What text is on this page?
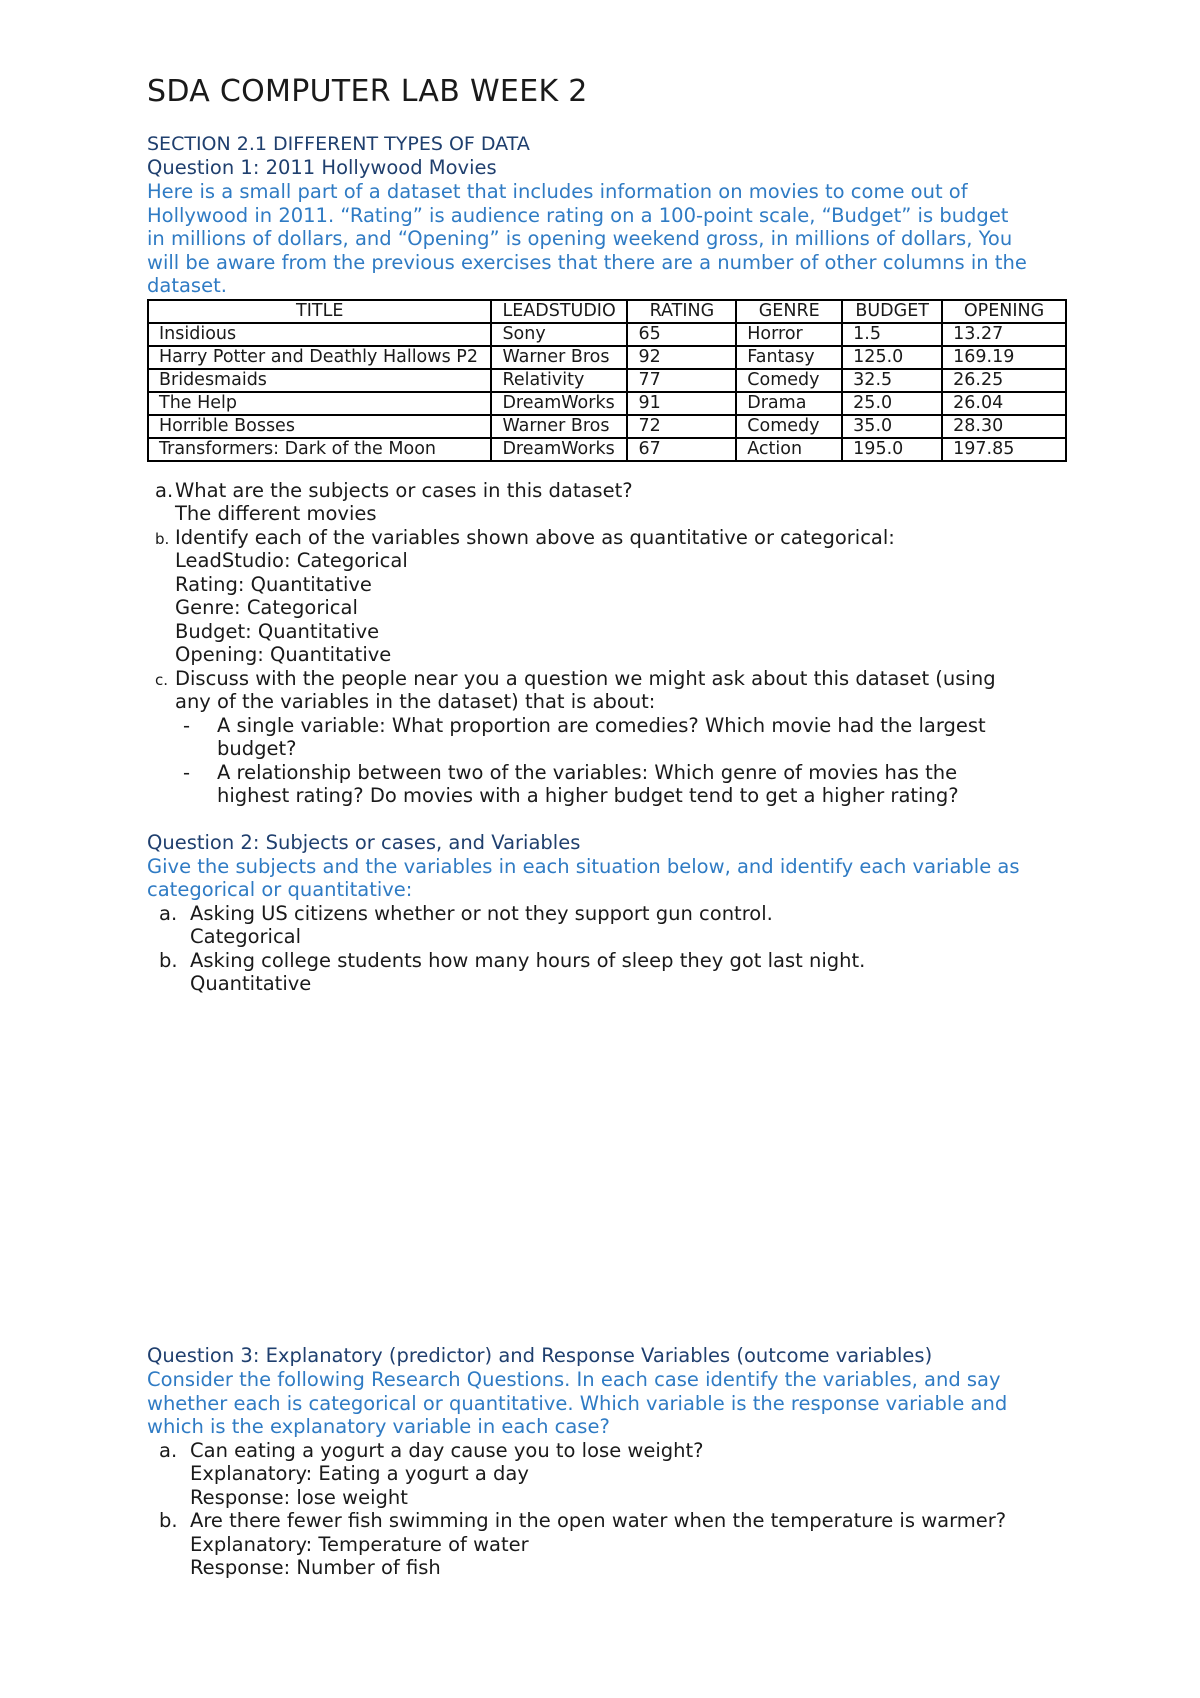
SDA COMPUTER LAB WEEK 2
SECTION 2.1 DIFFERENT TYPES OF DATA
Question 1: 2011 Hollywood Movies
Here is a small part of a dataset that includes information on movies to come out of
Hollywood in 2011. “Rating” is audience rating on a 100-point scale, “Budget” is budget
in millions of dollars, and “Opening” is opening weekend gross, in millions of dollars, You
will be aware from the previous exercises that there are a number of other columns in the
dataset.
TITLE	LEADSTUDIO	RATING	GENRE	BUDGET	OPENING
Insidious	Sony	65	Horror	1.5	13.27
Harry Potter and Deathly Hallows P2	Warner Bros	92	Fantasy	125.0	169.19
Bridesmaids	Relativity	77	Comedy	32.5	26.25
The Help	DreamWorks	91	Drama	25.0	26.04
Horrible Bosses	Warner Bros	72	Comedy	35.0	28.30
Transformers: Dark of the Moon	DreamWorks	67	Action	195.0	197.85
a. What are the subjects or cases in this dataset?
The different movies
b. Identify each of the variables shown above as quantitative or categorical:
LeadStudio: Categorical
Rating: Quantitative
Genre: Categorical
Budget: Quantitative
Opening: Quantitative
c. Discuss with the people near you a question we might ask about this dataset (using
any of the variables in the dataset) that is about:
- A single variable: What proportion are comedies? Which movie had the largest
budget?
- A relationship between two of the variables: Which genre of movies has the
highest rating? Do movies with a higher budget tend to get a higher rating?
Question 2: Subjects or cases, and Variables
Give the subjects and the variables in each situation below, and identify each variable as
categorical or quantitative:
a. Asking US citizens whether or not they support gun control.
Categorical
b. Asking college students how many hours of sleep they got last night.
Quantitative
Question 3: Explanatory (predictor) and Response Variables (outcome variables)
Consider the following Research Questions. In each case identify the variables, and say
whether each is categorical or quantitative. Which variable is the response variable and
which is the explanatory variable in each case?
a. Can eating a yogurt a day cause you to lose weight?
Explanatory: Eating a yogurt a day
Response: lose weight
b. Are there fewer fish swimming in the open water when the temperature is warmer?
Explanatory: Temperature of water
Response: Number of fish
